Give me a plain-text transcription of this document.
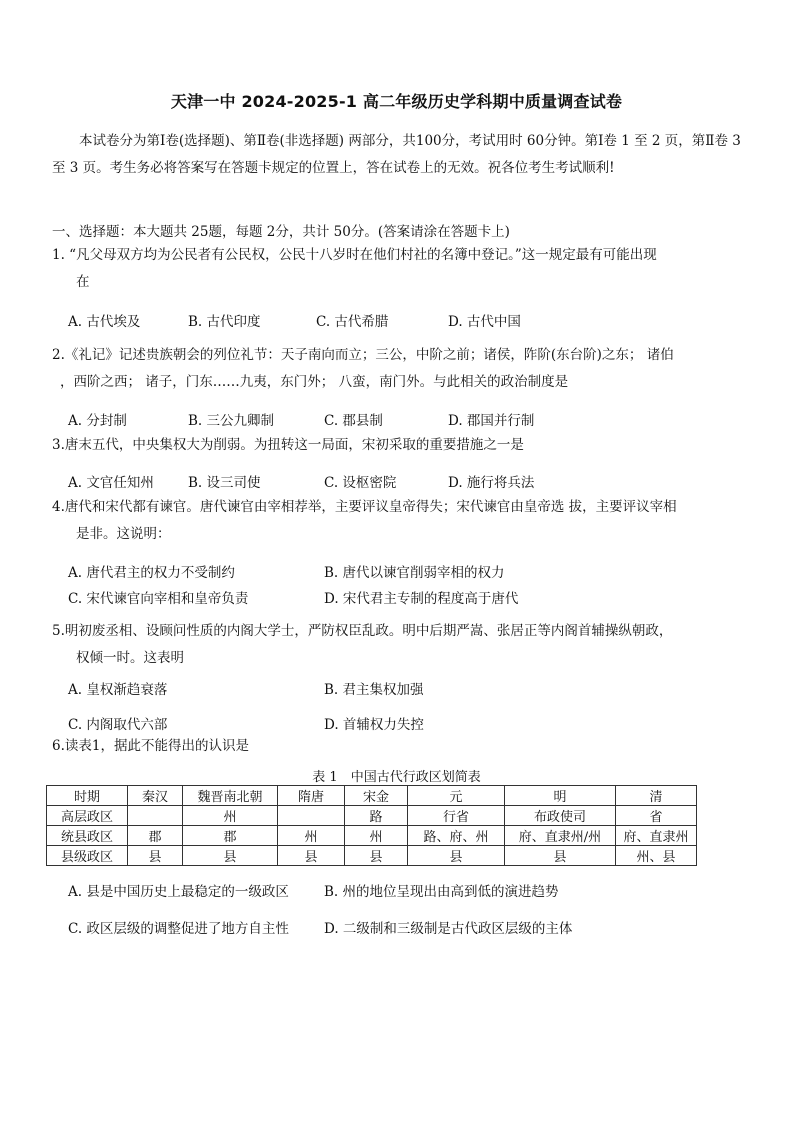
天津一中 2024-2025-1 高二年级历史学科期中质量调查试卷
本试卷分为第Ⅰ卷(选择题)、第Ⅱ卷(非选择题) 两部分，共100分，考试用时 60分钟。第Ⅰ卷 1 至 2 页，第Ⅱ卷 3 至 3 页。考生务必将答案写在答题卡规定的位置上，答在试卷上的无效。祝各位考生考试顺利!
一、选择题：本大题共 25题，每题 2分，共计 50分。(答案请涂在答题卡上)
1. “凡父母双方均为公民者有公民权，公民十八岁时在他们村社的名簿中登记。”这一规定最有可能出现
在
A. 古代埃及	B. 古代印度	C. 古代希腊	D. 古代中国
2.《礼记》记述贵族朝会的列位礼节：天子南向而立；三公，中阶之前；诸侯，阼阶(东台阶)之东； 诸伯
，西阶之西； 诸子，门东……九夷，东门外； 八蛮，南门外。与此相关的政治制度是
A. 分封制	B. 三公九卿制	C. 郡县制	D. 郡国并行制
3.唐末五代，中央集权大为削弱。为扭转这一局面，宋初采取的重要措施之一是
A. 文官任知州	B. 设三司使	C. 设枢密院	D. 施行将兵法
4.唐代和宋代都有谏官。唐代谏官由宰相荐举，主要评议皇帝得失；宋代谏官由皇帝选 拔，主要评议宰相
是非。这说明：
A. 唐代君主的权力不受制约	B. 唐代以谏官削弱宰相的权力
C. 宋代谏官向宰相和皇帝负责	D. 宋代君主专制的程度高于唐代
5.明初废丞相、设顾问性质的内阁大学士，严防权臣乱政。明中后期严嵩、张居正等内阁首辅操纵朝政，
权倾一时。这表明
A. 皇权渐趋衰落	B. 君主集权加强
C. 内阁取代六部	D. 首辅权力失控
6.读表1，据此不能得出的认识是
表 1　中国古代行政区划简表
时期	秦汉	魏晋南北朝	隋唐	宋金	元	明	清
高层政区		州		路	行省	布政使司	省
统县政区	郡	郡	州	州	路、府、州	府、直隶州/州	府、直隶州
县级政区	县	县	县	县	县	县	州、县
A. 县是中国历史上最稳定的一级政区	B. 州的地位呈现出由高到低的演进趋势
C. 政区层级的调整促进了地方自主性	D. 二级制和三级制是古代政区层级的主体
